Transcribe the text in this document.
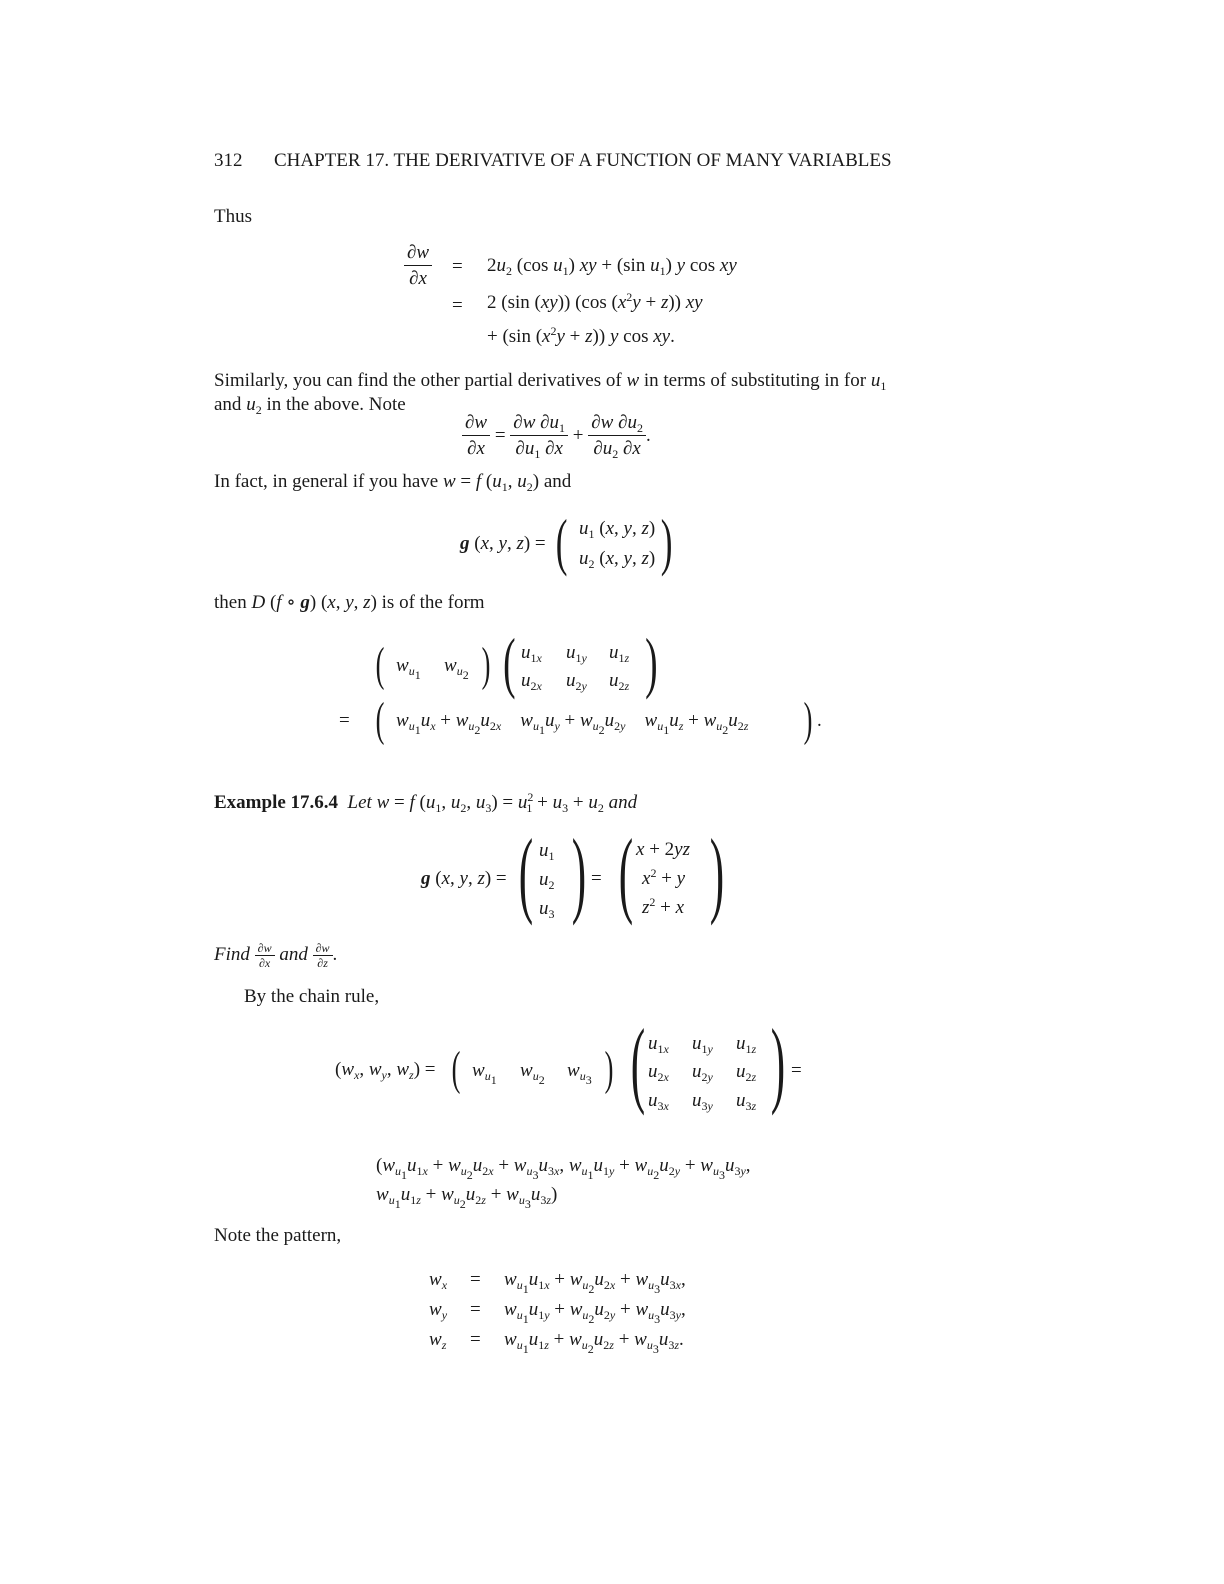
312 CHAPTER 17. THE DERIVATIVE OF A FUNCTION OF MANY VARIABLES
Thus
$\frac{\partial w}{\partial x} = 2u_2$ (cos $u_1$) xy + (sin $u_1$) y cos xy
= 2 (sin (xy)) (cos $(x^2y + z)$) xy
+ (sin $(x^2y + z)$) y cos xy.
Similarly, you can find the other partial derivatives of w in terms of substituting in for $u_1$
and $u_2$ in the above. Note
$\frac{\partial w}{\partial x} = \frac{\partial w \partial u_1}{\partial u_1 \partial x} + \frac{\partial w \partial u_2}{\partial u_2 \partial x}$ .
In fact, in general if you have w = f ($u_1$, $u_2$) and
g (x, y, z) = ( $u_1$ (x, y, z)
$u_2$ (x, y, z) )
then D (f ∘ g) (x, y, z) is of the form
( $w_{u_1}$ $w_{u_2}$ ) ( $u_{1x}$ $u_{1y}$ $u_{1z}$
$u_{2x}$ $u_{2y}$ $u_{2z}$ )
= ( $w_{u_1}u_x + w_{u_2}u_{2x}$ $w_{u_1}u_y + w_{u_2}u_{2y}$ $w_{u_1}u_z + w_{u_2}u_{2z}$ ) .
Example 17.6.4 Let w = f ($u_1$, $u_2$, $u_3) = u^2_1 + u_3 + u_2$ and
g (x, y, z) = ( $u_1$
$u_2$
$u_3$ ) = ( x + 2yz
$x^2 + y$
$z^2 + x$ )
Find $\frac{\partial w}{\partial x}$ and $\frac{\partial w}{\partial z}$ .
By the chain rule,
($w_x$, $w_y$, $w_z$) = ( $w_{u_1}$ $w_{u_2}$ $w_{u_3}$ ) ( $u_{1x}$ $u_{1y}$ $u_{1z}$
$u_{2x}$ $u_{2y}$ $u_{2z}$
$u_{3x}$ $u_{3y}$ $u_{3z}$ ) =
($w_{u_1}u_{1x} + w_{u_2}u_{2x} + w_{u_3}u_{3x}$, $w_{u_1}u_{1y} + w_{u_2}u_{2y} + w_{u_3}u_{3y}$,
$w_{u_1}u_{1z} + w_{u_2}u_{2z} + w_{u_3}u_{3z}$)
Note the pattern,
$w_x = w_{u_1}u_{1x} + w_{u_2}u_{2x} + w_{u_3}u_{3x}$,
$w_y = w_{u_1}u_{1y} + w_{u_2}u_{2y} + w_{u_3}u_{3y}$,
$w_z = w_{u_1}u_{1z} + w_{u_2}u_{2z} + w_{u_3}u_{3z}$.
